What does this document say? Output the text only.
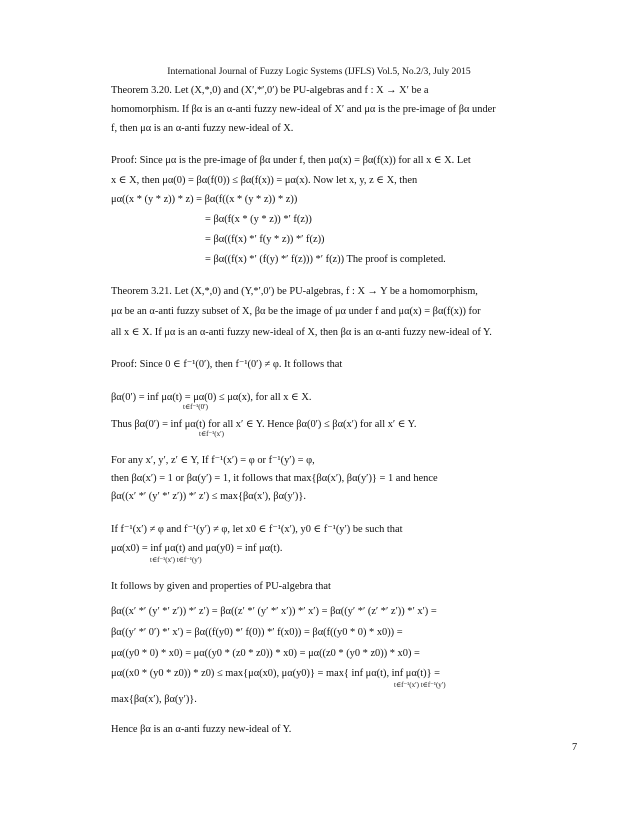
International Journal of Fuzzy Logic Systems (IJFLS) Vol.5, No.2/3, July 2015
Theorem 3.20. Let (X,*,0) and (X′,*′,0′) be PU-algebras and f : X → X′ be a
homomorphism. If βα is an α-anti fuzzy new-ideal of X′ and μα is the pre-image of βα under
f, then μα is an α-anti fuzzy new-ideal of X.
Proof: Since μα is the pre-image of βα under f, then μα(x) = βα(f(x)) for all x ∈ X. Let
x ∈ X, then μα(0) = βα(f(0)) ≤ βα(f(x)) = μα(x). Now let x, y, z ∈ X, then
μα((x * (y * z)) * z) = βα(f((x * (y * z)) * z))
= βα(f(x * (y * z)) *′ f(z))
= βα((f(x) *′ f(y * z)) *′ f(z))
= βα((f(x) *′ (f(y) *′ f(z))) *′ f(z)) The proof is completed.
Theorem 3.21. Let (X,*,0) and (Y,*′,0′) be PU-algebras, f : X → Y be a homomorphism,
μα be an α-anti fuzzy subset of X, βα be the image of μα under f and μα(x) = βα(f(x)) for
all x ∈ X. If μα is an α-anti fuzzy new-ideal of X, then βα is an α-anti fuzzy new-ideal of Y.
Proof: Since 0 ∈ f⁻¹(0′), then f⁻¹(0′) ≠ φ. It follows that
βα(0′) = inf μα(t) = μα(0) ≤ μα(x), for all x ∈ X.
t∈f⁻¹(0′)
Thus βα(0′) = inf μα(t) for all x′ ∈ Y. Hence βα(0′) ≤ βα(x′) for all x′ ∈ Y.
t∈f⁻¹(x′)
For any x′, y′, z′ ∈ Y, If f⁻¹(x′) = φ or f⁻¹(y′) = φ,
then βα(x′) = 1 or βα(y′) = 1, it follows that max{βα(x′), βα(y′)} = 1 and hence
βα((x′ *′ (y′ *′ z′)) *′ z′) ≤ max{βα(x′), βα(y′)}.
If f⁻¹(x′) ≠ φ and f⁻¹(y′) ≠ φ, let x0 ∈ f⁻¹(x′), y0 ∈ f⁻¹(y′) be such that
μα(x0) = inf μα(t) and μα(y0) = inf μα(t).
t∈f⁻¹(x′) t∈f⁻¹(y′)
It follows by given and properties of PU-algebra that
βα((x′ *′ (y′ *′ z′)) *′ z′) = βα((z′ *′ (y′ *′ x′)) *′ x′) = βα((y′ *′ (z′ *′ z′)) *′ x′) =
βα((y′ *′ 0′) *′ x′) = βα((f(y0) *′ f(0)) *′ f(x0)) = βα(f((y0 * 0) * x0)) =
μα((y0 * 0) * x0) = μα((y0 * (z0 * z0)) * x0) = μα((z0 * (y0 * z0)) * x0) =
μα((x0 * (y0 * z0)) * z0) ≤ max{μα(x0), μα(y0)} = max{ inf μα(t), inf μα(t)} =
t∈f⁻¹(x′) t∈f⁻¹(y′)
max{βα(x′), βα(y′)}.
Hence βα is an α-anti fuzzy new-ideal of Y.
7
